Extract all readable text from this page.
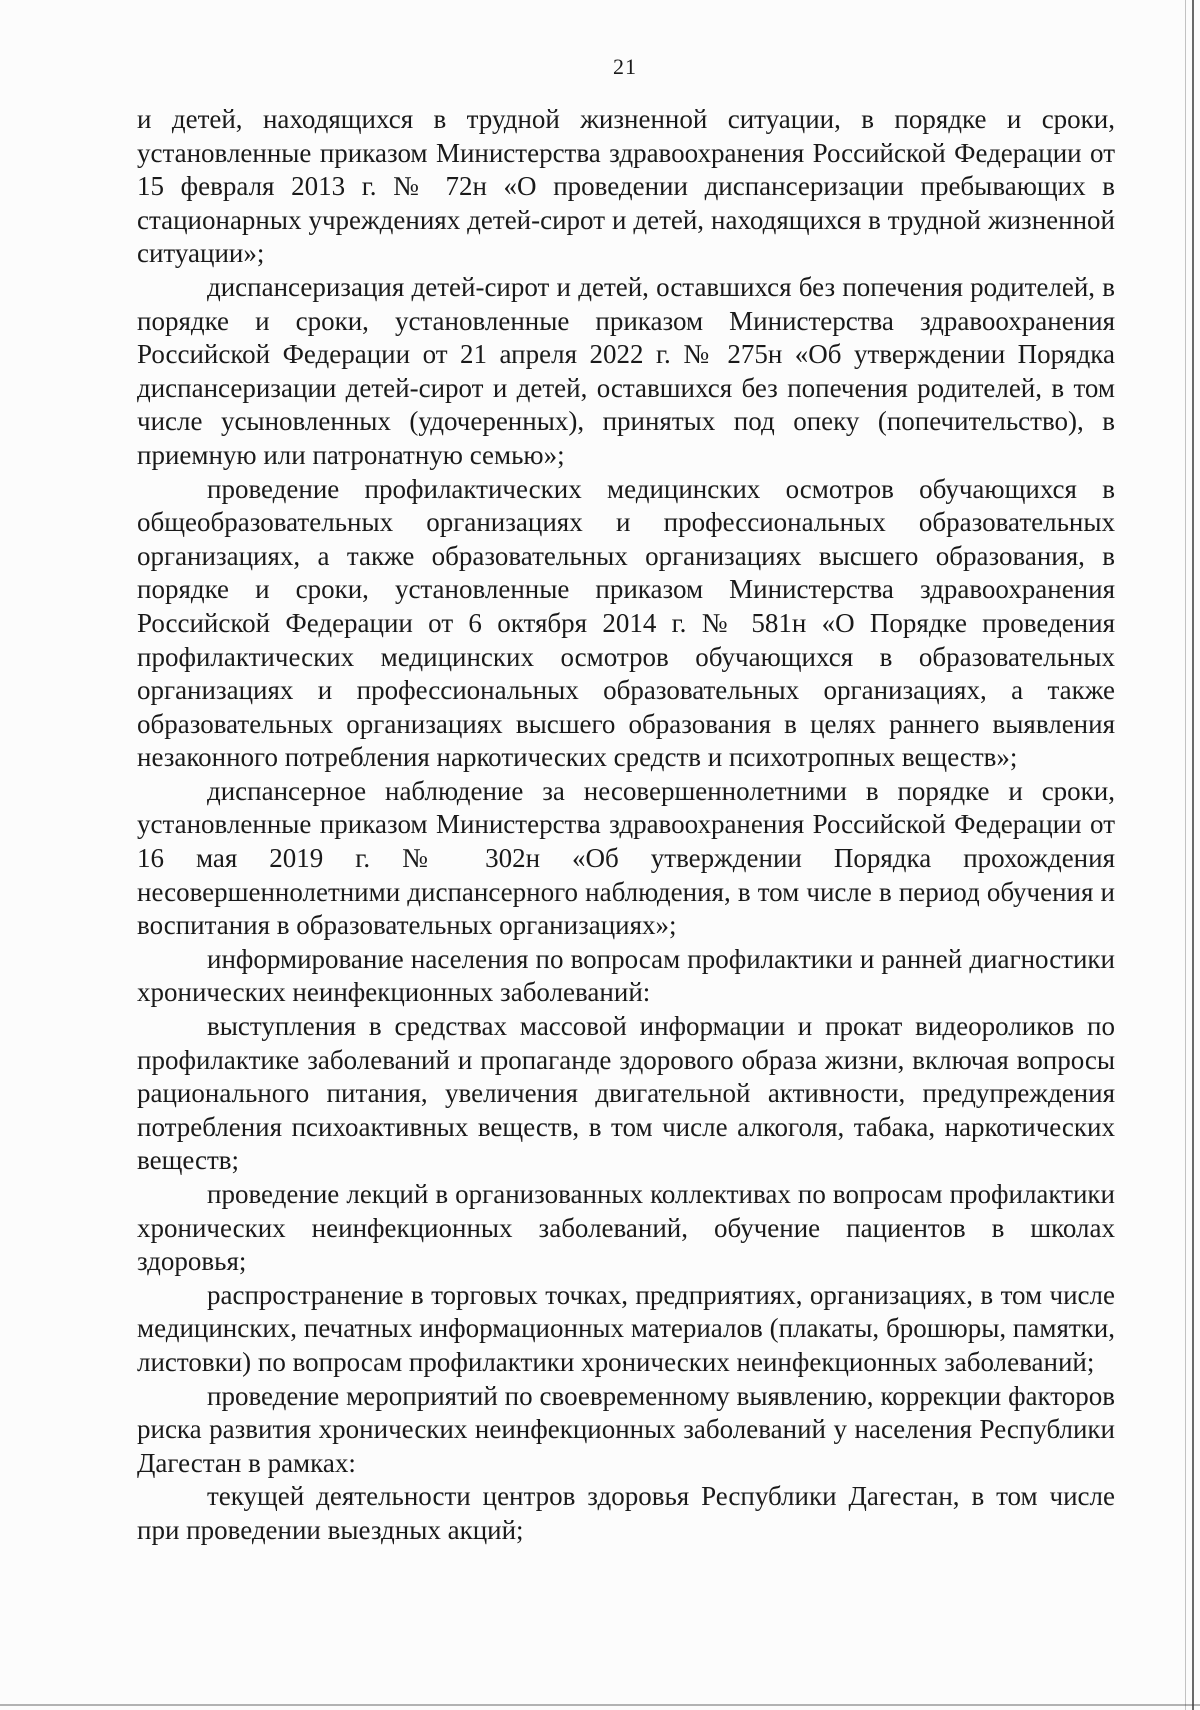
21

и детей, находящихся в трудной жизненной ситуации, в порядке и сроки, установленные приказом Министерства здравоохранения Российской Федерации от 15 февраля 2013 г. № 72н «О проведении диспансеризации пребывающих в стационарных учреждениях детей-сирот и детей, находящихся в трудной жизненной ситуации»;

диспансеризация детей-сирот и детей, оставшихся без попечения родителей, в порядке и сроки, установленные приказом Министерства здравоохранения Российской Федерации от 21 апреля 2022 г. № 275н «Об утверждении Порядка диспансеризации детей-сирот и детей, оставшихся без попечения родителей, в том числе усыновленных (удочеренных), принятых под опеку (попечительство), в приемную или патронатную семью»;

проведение профилактических медицинских осмотров обучающихся в общеобразовательных организациях и профессиональных образовательных организациях, а также образовательных организациях высшего образования, в порядке и сроки, установленные приказом Министерства здравоохранения Российской Федерации от 6 октября 2014 г. № 581н «О Порядке проведения профилактических медицинских осмотров обучающихся в образовательных организациях и профессиональных образовательных организациях, а также образовательных организациях высшего образования в целях раннего выявления незаконного потребления наркотических средств и психотропных веществ»;

диспансерное наблюдение за несовершеннолетними в порядке и сроки, установленные приказом Министерства здравоохранения Российской Федерации от 16 мая 2019 г. № 302н «Об утверждении Порядка прохождения несовершеннолетними диспансерного наблюдения, в том числе в период обучения и воспитания в образовательных организациях»;

информирование населения по вопросам профилактики и ранней диагностики хронических неинфекционных заболеваний:

выступления в средствах массовой информации и прокат видеороликов по профилактике заболеваний и пропаганде здорового образа жизни, включая вопросы рационального питания, увеличения двигательной активности, предупреждения потребления психоактивных веществ, в том числе алкоголя, табака, наркотических веществ;

проведение лекций в организованных коллективах по вопросам профилактики хронических неинфекционных заболеваний, обучение пациентов в школах здоровья;

распространение в торговых точках, предприятиях, организациях, в том числе медицинских, печатных информационных материалов (плакаты, брошюры, памятки, листовки) по вопросам профилактики хронических неинфекционных заболеваний;

проведение мероприятий по своевременному выявлению, коррекции факторов риска развития хронических неинфекционных заболеваний у населения Республики Дагестан в рамках:

текущей деятельности центров здоровья Республики Дагестан, в том числе при проведении выездных акций;
